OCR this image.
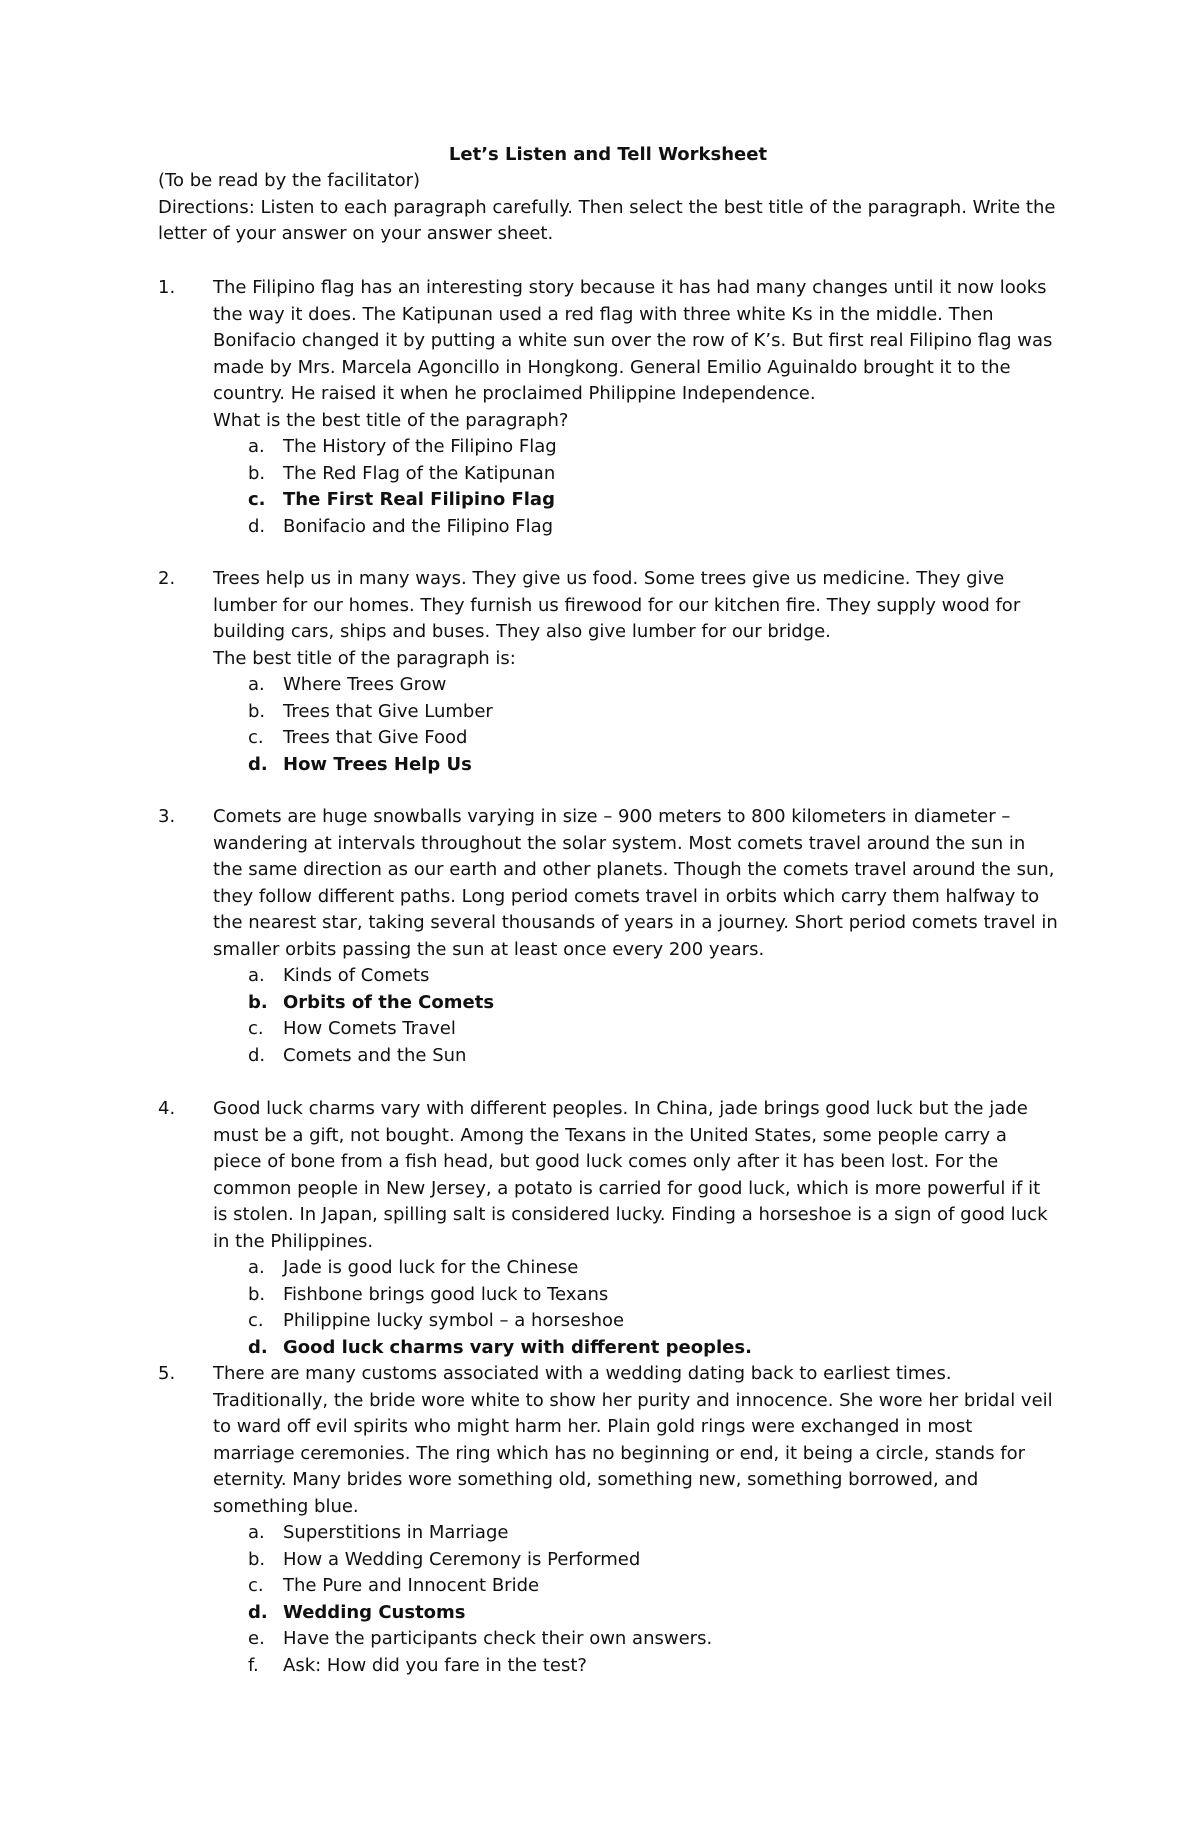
Let’s Listen and Tell Worksheet

(To be read by the facilitator)

Directions: Listen to each paragraph carefully. Then select the best title of the paragraph. Write the letter of your answer on your answer sheet.

1.	The Filipino flag has an interesting story because it has had many changes until it now looks the way it does. The Katipunan used a red flag with three white Ks in the middle. Then Bonifacio changed it by putting a white sun over the row of K’s. But first real Filipino flag was made by Mrs. Marcela Agoncillo in Hongkong. General Emilio Aguinaldo brought it to the country. He raised it when he proclaimed Philippine Independence.

What is the best title of the paragraph?

a. The History of the Filipino Flag
b. The Red Flag of the Katipunan
c. The First Real Filipino Flag
d. Bonifacio and the Filipino Flag
2.	Trees help us in many ways. They give us food. Some trees give us medicine. They give lumber for our homes. They furnish us firewood for our kitchen fire. They supply wood for building cars, ships and buses. They also give lumber for our bridge.

The best title of the paragraph is:

a. Where Trees Grow
b. Trees that Give Lumber
c. Trees that Give Food
d. How Trees Help Us
3.	Comets are huge snowballs varying in size – 900 meters to 800 kilometers in diameter – wandering at intervals throughout the solar system. Most comets travel around the sun in the same direction as our earth and other planets. Though the comets travel around the sun, they follow different paths. Long period comets travel in orbits which carry them halfway to the nearest star, taking several thousands of years in a journey. Short period comets travel in smaller orbits passing the sun at least once every 200 years.

a. Kinds of Comets
b. Orbits of the Comets
c. How Comets Travel
d. Comets and the Sun
4.	Good luck charms vary with different peoples. In China, jade brings good luck but the jade must be a gift, not bought. Among the Texans in the United States, some people carry a piece of bone from a fish head, but good luck comes only after it has been lost. For the common people in New Jersey, a potato is carried for good luck, which is more powerful if it is stolen. In Japan, spilling salt is considered lucky. Finding a horseshoe is a sign of good luck in the Philippines.

a. Jade is good luck for the Chinese
b. Fishbone brings good luck to Texans
c. Philippine lucky symbol – a horseshoe
d. Good luck charms vary with different peoples.
5.	There are many customs associated with a wedding dating back to earliest times. Traditionally, the bride wore white to show her purity and innocence. She wore her bridal veil to ward off evil spirits who might harm her. Plain gold rings were exchanged in most marriage ceremonies. The ring which has no beginning or end, it being a circle, stands for eternity. Many brides wore something old, something new, something borrowed, and something blue.

a. Superstitions in Marriage
b. How a Wedding Ceremony is Performed
c. The Pure and Innocent Bride
d. Wedding Customs
e. Have the participants check their own answers.
f. Ask: How did you fare in the test?
